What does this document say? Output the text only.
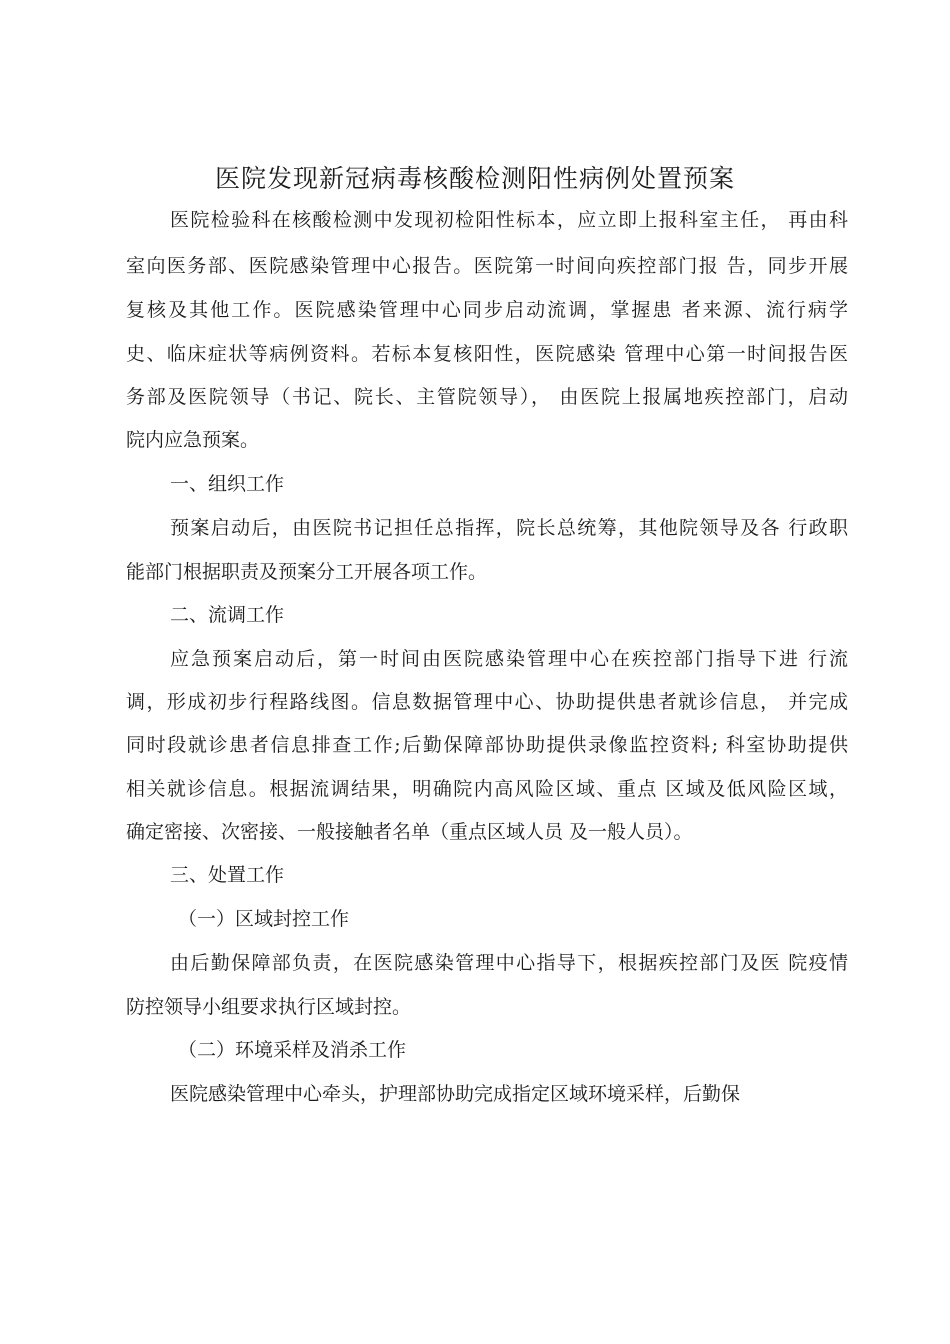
医院发现新冠病毒核酸检测阳性病例处置预案
医院检验科在核酸检测中发现初检阳性标本，应立即上报科室主任， 再由科
室向医务部、医院感染管理中心报告。医院第一时间向疾控部门报 告，同步开展
复核及其他工作。医院感染管理中心同步启动流调，掌握患 者来源、流行病学
史、临床症状等病例资料。若标本复核阳性，医院感染 管理中心第一时间报告医
务部及医院领导（书记、院长、主管院领导）， 由医院上报属地疾控部门，启动
院内应急预案。
一、组织工作
预案启动后，由医院书记担任总指挥，院长总统筹，其他院领导及各 行政职
能部门根据职责及预案分工开展各项工作。
二、流调工作
应急预案启动后，第一时间由医院感染管理中心在疾控部门指导下进 行流
调，形成初步行程路线图。信息数据管理中心、协助提供患者就诊信息， 并完成
同时段就诊患者信息排查工作;后勤保障部协助提供录像监控资料; 科室协助提供
相关就诊信息。根据流调结果，明确院内高风险区域、重点 区域及低风险区域，
确定密接、次密接、一般接触者名单（重点区域人员 及一般人员）。
三、处置工作
（一）区域封控工作
由后勤保障部负责，在医院感染管理中心指导下，根据疾控部门及医 院疫情
防控领导小组要求执行区域封控。
（二）环境采样及消杀工作
医院感染管理中心牵头，护理部协助完成指定区域环境采样，后勤保
